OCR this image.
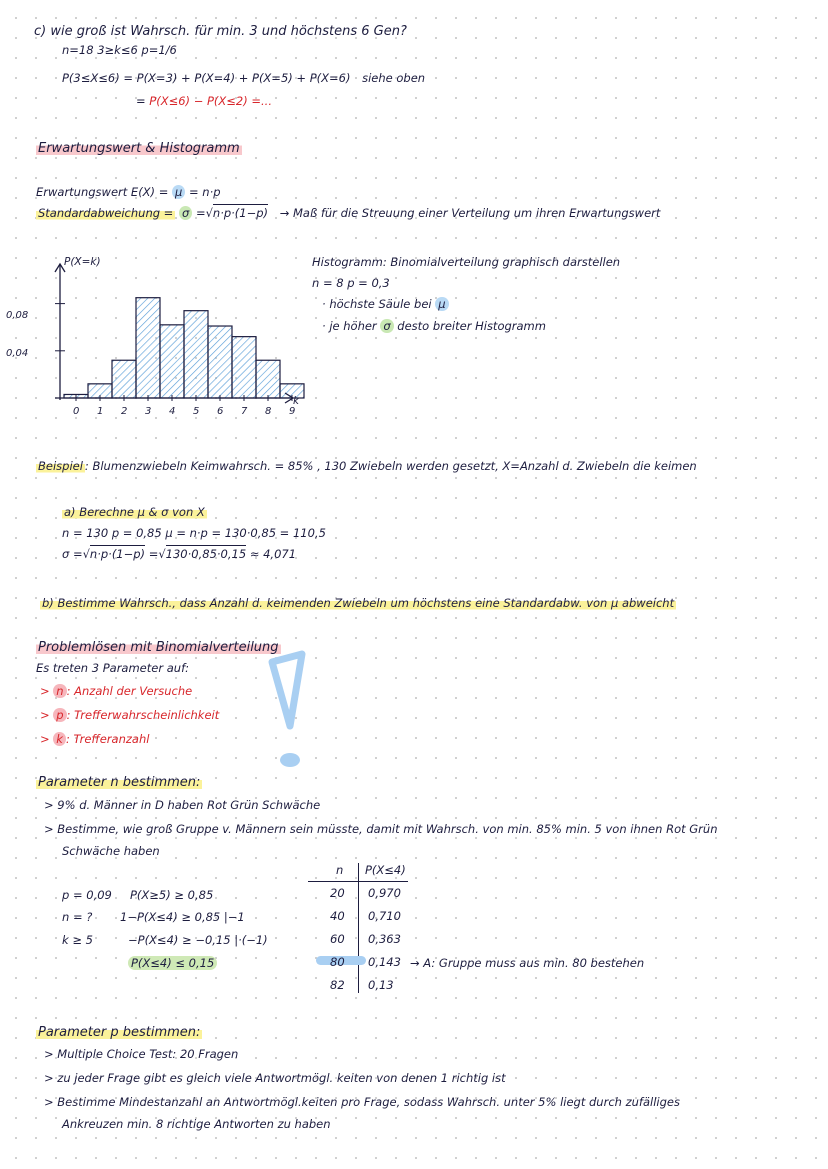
c) wie groß ist Wahrsch. für min. 3 und höchstens 6 Gen?
n=18 3≥k≤6 p=1/6
P(3≤X≤6) = P(X=3) + P(X=4) + P(X=5) + P(X=6) siehe oben
= P(X≤6) − P(X≤2) =...
Erwartungswert & Histogramm
Erwartungswert E(X) = μ = n·p
Standardabweichung = σ =√n·p·(1−p) → Maß für die Streuung einer Verteilung um ihren Erwartungswert
P(X=k)
k
0,08
0,04
0 1 2 3 4 5 6 7 8 9
Histogramm: Binomialverteilung graphisch darstellen
n = 8 p = 0,3
· höchste Säule bei μ
· je höher σ desto breiter Histogramm
Beispiel : Blumenzwiebeln Keimwahrsch. = 85% , 130 Zwiebeln werden gesetzt, X=Anzahl d. Zwiebeln die keimen
a) Berechne μ & σ von X
n = 130 p = 0,85 μ = n·p = 130·0,85 = 110,5
σ =√n·p·(1−p) =√130·0,85·0,15 ≈ 4,071
b) Bestimme Wahrsch., dass Anzahl d. keimenden Zwiebeln um höchstens eine Standardabw. von μ abweicht
Problemlösen mit Binomialverteilung
Es treten 3 Parameter auf:
> n : Anzahl der Versuche
> p : Trefferwahrscheinlichkeit
> k : Trefferanzahl
Parameter n bestimmen:
> 9% d. Männer in D haben Rot Grün Schwäche
> Bestimme, wie groß Gruppe v. Männern sein müsste, damit mit Wahrsch. von min. 85% min. 5 von ihnen Rot Grün
Schwäche haben
p = 0,09
n = ?
k ≥ 5
P(X≥5) ≥ 0,85
1−P(X≤4) ≥ 0,85 |−1
−P(X≤4) ≥ −0,15 |·(−1)
P(X≤4) ≤ 0,15
n P(X≤4)
20 0,970
40 0,710
60 0,363
80 0,143
82 0,13
→ A: Gruppe muss aus min. 80 bestehen
Parameter p bestimmen:
> Multiple Choice Test: 20 Fragen
> zu jeder Frage gibt es gleich viele Antwortmögl. keiten von denen 1 richtig ist
> Bestimme Mindestanzahl an Antwortmögl.keiten pro Frage, sodass Wahrsch. unter 5% liegt durch zufälliges
Ankreuzen min. 8 richtige Antworten zu haben
